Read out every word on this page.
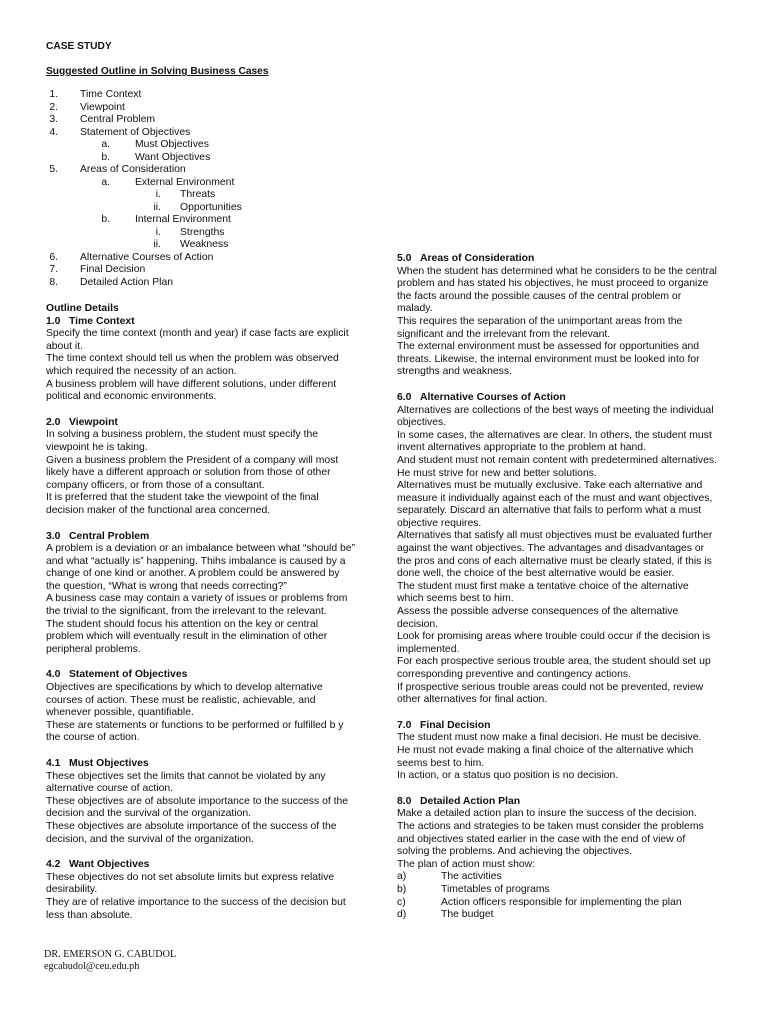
CASE STUDY
Suggested Outline in Solving Business Cases
1. Time Context
2. Viewpoint
3. Central Problem
4. Statement of Objectives
a. Must Objectives
b. Want Objectives
5. Areas of Consideration
a. External Environment
i. Threats
ii. Opportunities
b. Internal Environment
i. Strengths
ii. Weakness
6. Alternative Courses of Action
7. Final Decision
8. Detailed Action Plan
Outline Details
1.0 Time Context
Specify the time context (month and year) if case facts are explicit about it.
The time context should tell us when the problem was observed which required the necessity of an action.
A business problem will have different solutions, under different political and economic environments.
2.0 Viewpoint
In solving a business problem, the student must specify the viewpoint he is taking.
Given a business problem the President of a company will most likely have a different approach or solution from those of other company officers, or from those of a consultant.
It is preferred that the student take the viewpoint of the final decision maker of the functional area concerned.
3.0 Central Problem
A problem is a deviation or an imbalance between what “should be” and what “actually is” happening. Thihs imbalance is caused by a change of one kind or another. A problem could be answered by the question, “What is wrong that needs correcting?”
A business case may contain a variety of issues or problems from the trivial to the significant, from the irrelevant to the relevant.
The student should focus his attention on the key or central problem which will eventually result in the elimination of other peripheral problems.
4.0 Statement of Objectives
Objectives are specifications by which to develop alternative courses of action. These must be realistic, achievable, and whenever possible, quantifiable.
These are statements or functions to be performed or fulfilled b y the course of action.
4.1 Must Objectives
These objectives set the limits that cannot be violated by any alternative course of action.
These objectives are of absolute importance to the success of the decision and the survival of the organization.
These objectives are absolute importance of the success of the decision, and the survival of the organization.
4.2 Want Objectives
These objectives do not set absolute limits but express relative desirability.
They are of relative importance to the success of the decision but less than absolute.
5.0 Areas of Consideration
When the student has determined what he considers to be the central problem and has stated his objectives, he must proceed to organize the facts around the possible causes of the central problem or malady.
This requires the separation of the unimportant areas from the significant and the irrelevant from the relevant.
The external environment must be assessed for opportunities and threats. Likewise, the internal environment must be looked into for strengths and weakness.
6.0 Alternative Courses of Action
Alternatives are collections of the best ways of meeting the individual objectives.
In some cases, the alternatives are clear. In others, the student must invent alternatives appropriate to the problem at hand.
And student must not remain content with predetermined alternatives. He must strive for new and better solutions.
Alternatives must be mutually exclusive. Take each alternative and measure it individually against each of the must and want objectives, separately. Discard an alternative that fails to perform what a must objective requires.
Alternatives that satisfy all must objectives must be evaluated further against the want objectives. The advantages and disadvantages or the pros and cons of each alternative must be clearly stated, if this is done well, the choice of the best alternative would be easier.
The student must first make a tentative choice of the alternative which seems best to him.
Assess the possible adverse consequences of the alternative decision.
Look for promising areas where trouble could occur if the decision is implemented.
For each prospective serious trouble area, the student should set up corresponding preventive and contingency actions.
If prospective serious trouble areas could not be prevented, review other alternatives for final action.
7.0 Final Decision
The student must now make a final decision. He must be decisive.
He must not evade making a final choice of the alternative which seems best to him.
In action, or a status quo position is no decision.
8.0 Detailed Action Plan
Make a detailed action plan to insure the success of the decision.
The actions and strategies to be taken must consider the problems and objectives stated earlier in the case with the end of view of solving the problems. And achieving the objectives.
The plan of action must show:
a)	The activities
b)	Timetables of programs
c)	Action officers responsible for implementing the plan
d)	The budget
DR. EMERSON G. CABUDOL
egcabudol@ceu.edu.ph
